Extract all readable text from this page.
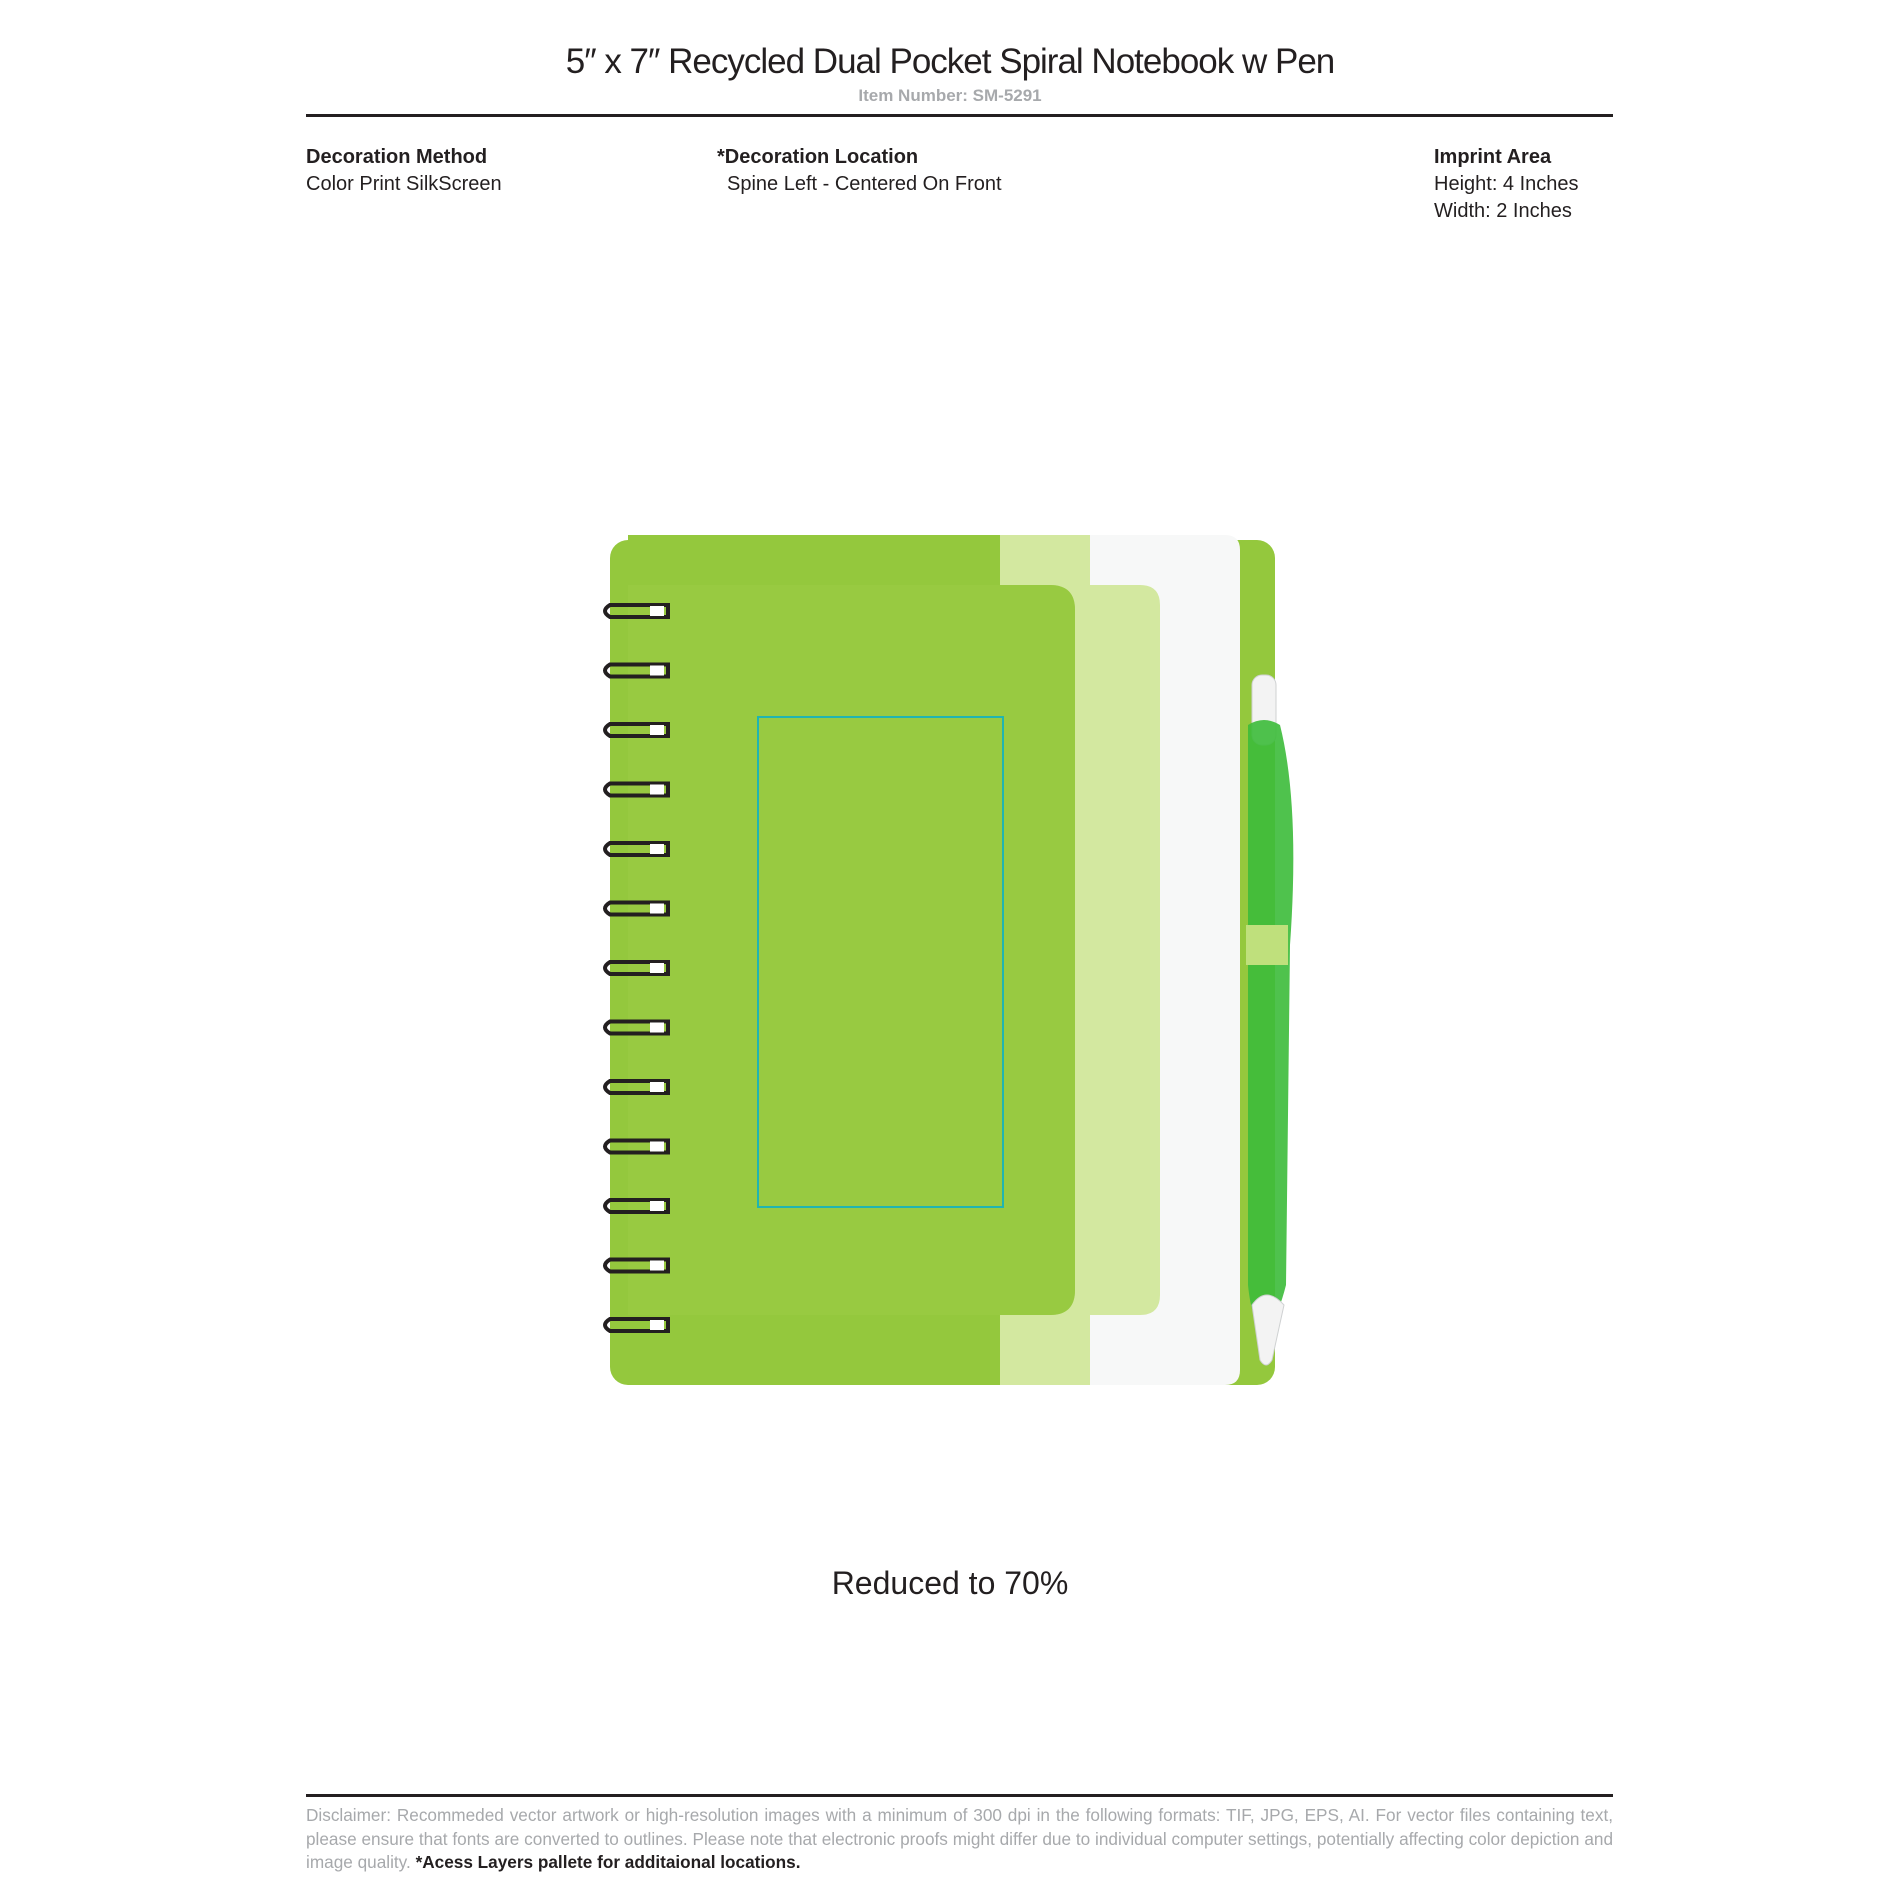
5″ x 7″ Recycled Dual Pocket Spiral Notebook w Pen
Item Number: SM-5291
Decoration Method
Color Print SilkScreen
*Decoration Location
Spine Left - Centered On Front
Imprint Area
Height: 4 Inches
Width: 2 Inches
Reduced to 70%
Disclaimer: Recommeded vector artwork or high-resolution images with a minimum of 300 dpi in the following formats: TIF, JPG, EPS, AI. For vector files containing text, please ensure that fonts are converted to outlines. Please note that electronic proofs might differ due to individual computer settings, potentially affecting color depiction and image quality. *Acess Layers pallete for additaional locations.
